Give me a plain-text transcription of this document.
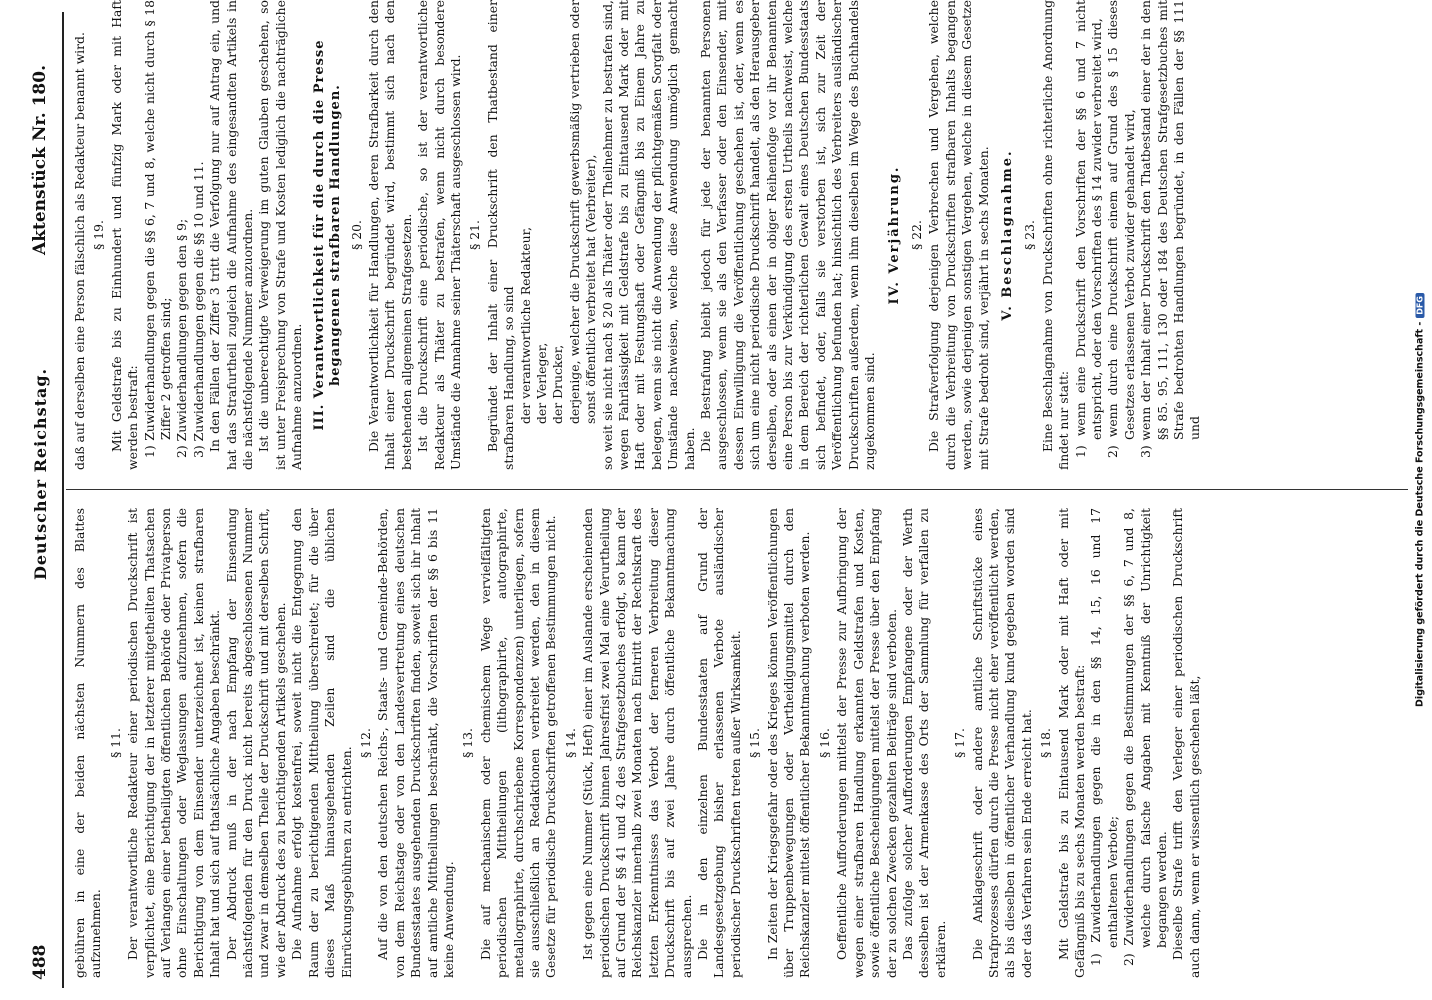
488
Deutscher Reichstag.
Aktenstück Nr. 180.

gebühren in eine der beiden nächsten Nummern des Blattes aufzunehmen.

§ 11. Der verantwortliche Redakteur einer periodischen Druckschrift ist verpflichtet, eine Berichtigung der in letzterer mitgetheilten Thatsachen auf Verlangen einer betheiligten öffentlichen Behörde oder Privatperson ohne Einschaltungen oder Weglassungen aufzunehmen, sofern die Berichtigung von dem Einsender unterzeichnet ist, keinen strafbaren Inhalt hat und sich auf thatsächliche Angaben beschränkt. Der Abdruck muß in der nach Empfang der Einsendung nächstfolgenden für den Druck nicht bereits abgeschlossenen Nummer und zwar in demselben Theile der Druckschrift und mit derselben Schrift, wie der Abdruck des zu berichtigenden Artikels geschehen. Die Aufnahme erfolgt kostenfrei, soweit nicht die Entgegnung den Raum der zu berichtigenden Mittheilung überschreitet; für die über dieses Maß hinausgehenden Zeilen sind die üblichen Einrückungsgebühren zu entrichten.

§ 12. Auf die von den deutschen Reichs-, Staats- und Gemeinde-Behörden, von dem Reichstage oder von den Landesvertretung eines deutschen Bundesstaates ausgehenden Druckschriften finden, soweit sich ihr Inhalt auf amtliche Mittheilungen beschränkt, die Vorschriften der §§ 6 bis 11 keine Anwendung.

§ 13. Die auf mechanischem oder chemischem Wege vervielfältigten periodischen Mittheilungen (lithographirte, autographirte, metallographirte, durchschriebene Korrespondenzen) unterliegen, sofern sie ausschließlich an Redaktionen verbreitet werden, den in diesem Gesetze für periodische Druckschriften getroffenen Bestimmungen nicht. § 14. Ist gegen eine Nummer (Stück, Heft) einer im Auslande erscheinenden periodischen Druckschrift binnen Jahresfrist zwei Mal eine Verurtheilung auf Grund der §§ 41 und 42 des Strafgesetzbuches erfolgt, so kann der Reichskanzler innerhalb zwei Monaten nach Eintritt der Rechtskraft des letzten Erkenntnisses das Verbot der ferneren Verbreitung dieser Druckschrift bis auf zwei Jahre durch öffentliche Bekanntmachung aussprechen. Die in den einzelnen Bundesstaaten auf Grund der Landesgesetzgebung bisher erlassenen Verbote ausländischer periodischer Druckschriften treten außer Wirksamkeit. § 15. In Zeiten der Kriegsgefahr oder des Krieges können Veröffentlichungen über Truppenbewegungen oder Vertheidigungsmittel durch den Reichskanzler mittelst öffentlicher Bekanntmachung verboten werden. § 16. Oeffentliche Aufforderungen mittelst der Presse zur Aufbringung der wegen einer strafbaren Handlung erkannten Geldstrafen und Kosten, sowie öffentliche Bescheinigungen mittelst der Presse über den Empfang der zu solchen Zwecken gezahlten Beiträge sind verboten. Das zufolge solcher Aufforderungen Empfangene oder der Werth desselben ist der Armenkasse des Orts der Sammlung für verfallen zu erklären.

§ 17. Die Anklageschrift oder andere amtliche Schriftstücke eines Strafprozesses dürfen durch die Presse nicht eher veröffentlicht werden, als bis dieselben in öffentlicher Verhandlung kund gegeben worden sind oder das Verfahren sein Ende erreicht hat. § 18. Mit Geldstrafe bis zu Eintausend Mark oder mit Haft oder mit Gefängniß bis zu sechs Monaten werden bestraft: 1) Zuwiderhandlungen gegen die in den §§ 14, 15, 16 und 17 enthaltenen Verbote; 2) Zuwiderhandlungen gegen die Bestimmungen der §§ 6, 7 und 8, welche durch falsche Angaben mit Kenntniß der Unrichtigkeit begangen werden. Dieselbe Strafe trifft den Verleger einer periodischen Druckschrift auch dann, wenn er wissentlich geschehen läßt,

daß auf derselben eine Person fälschlich als Redakteur benannt wird. § 19. Mit Geldstrafe bis zu Einhundert und fünfzig Mark oder mit Haft werden bestraft: 1) Zuwiderhandlungen gegen die §§ 6, 7 und 8, welche nicht durch § 18 Ziffer 2 getroffen sind; 2) Zuwiderhandlungen gegen den § 9; 3) Zuwiderhandlungen gegen die §§ 10 und 11. In den Fällen der Ziffer 3 tritt die Verfolgung nur auf Antrag ein, und hat das Strafurtheil zugleich die Aufnahme des eingesandten Artikels in die nächstfolgende Nummer anzuordnen. Ist die unberechtigte Verweigerung im guten Glauben geschehen, so ist unter Freisprechung von Strafe und Kosten lediglich die nachträgliche Aufnahme anzuordnen. III. Verantwortlichkeit für die durch die Presse begangenen strafbaren Handlungen. § 20. Die Verantwortlichkeit für Handlungen, deren Strafbarkeit durch den Inhalt einer Druckschrift begründet wird, bestimmt sich nach den bestehenden allgemeinen Strafgesetzen. Ist die Druckschrift eine periodische, so ist der verantwortliche Redakteur als Thäter zu bestrafen, wenn nicht durch besondere Umstände die Annahme seiner Thäterschaft ausgeschlossen wird. § 21. Begründet der Inhalt einer Druckschrift den Thatbestand einer strafbaren Handlung, so sind der verantwortliche Redakteur, der Verleger, der Drucker, derjenige, welcher die Druckschrift gewerbsmäßig vertrieben oder sonst öffentlich verbreitet hat (Verbreiter), so weit sie nicht nach § 20 als Thäter oder Theilnehmer zu bestrafen sind, wegen Fahrlässigkeit mit Geldstrafe bis zu Eintausend Mark oder mit Haft oder mit Festungshaft oder Gefängniß bis zu Einem Jahre zu belegen, wenn sie nicht die Anwendung der pflichtgemäßen Sorgfalt oder Umstände nachweisen, welche diese Anwendung unmöglich gemacht haben. Die Bestrafung bleibt jedoch für jede der benannten Personen ausgeschlossen, wenn sie als den Verfasser oder den Einsender, mit dessen Einwilligung die Veröffentlichung geschehen ist, oder, wenn es sich um eine nicht periodische Druckschrift handelt, als den Herausgeber derselben, oder als einen der in obiger Reihenfolge vor ihr Benannten eine Person bis zur Verkündigung des ersten Urtheils nachweist, welche in dem Bereich der richterlichen Gewalt eines Deutschen Bundesstaats sich befindet, oder, falls sie verstorben ist, sich zur Zeit der Veröffentlichung befunden hat; hinsichtlich des Verbreiters ausländischer Druckschriften außerdem, wenn ihm dieselben im Wege des Buchhandels zugekommen sind.

IV. Verjährung. § 22. Die Strafverfolgung derjenigen Verbrechen und Vergehen, welche durch die Verbreitung von Druckschriften strafbaren Inhalts begangen werden, sowie derjenigen sonstigen Vergehen, welche in diesem Gesetze mit Strafe bedroht sind, verjährt in sechs Monaten. V. Beschlagnahme. § 23. Eine Beschlagnahme von Druckschriften ohne richterliche Anordnung findet nur statt: 1) wenn eine Druckschrift den Vorschriften der §§ 6 und 7 nicht entspricht, oder den Vorschriften des § 14 zuwider verbreitet wird, 2) wenn durch eine Druckschrift einem auf Grund des § 15 dieses Gesetzes erlassenen Verbot zuwider gehandelt wird, 3) wenn der Inhalt einer Druckschrift den Thatbestand einer der in den §§ 85. 95, 111, 130 oder 184 des Deutschen Strafgesetzbuches mit Strafe bedrohten Handlungen begründet, in den Fällen der §§ 111 und	Digitalisierung gefördert durch die Deutsche Forschungsgemeinschaft -DFG
